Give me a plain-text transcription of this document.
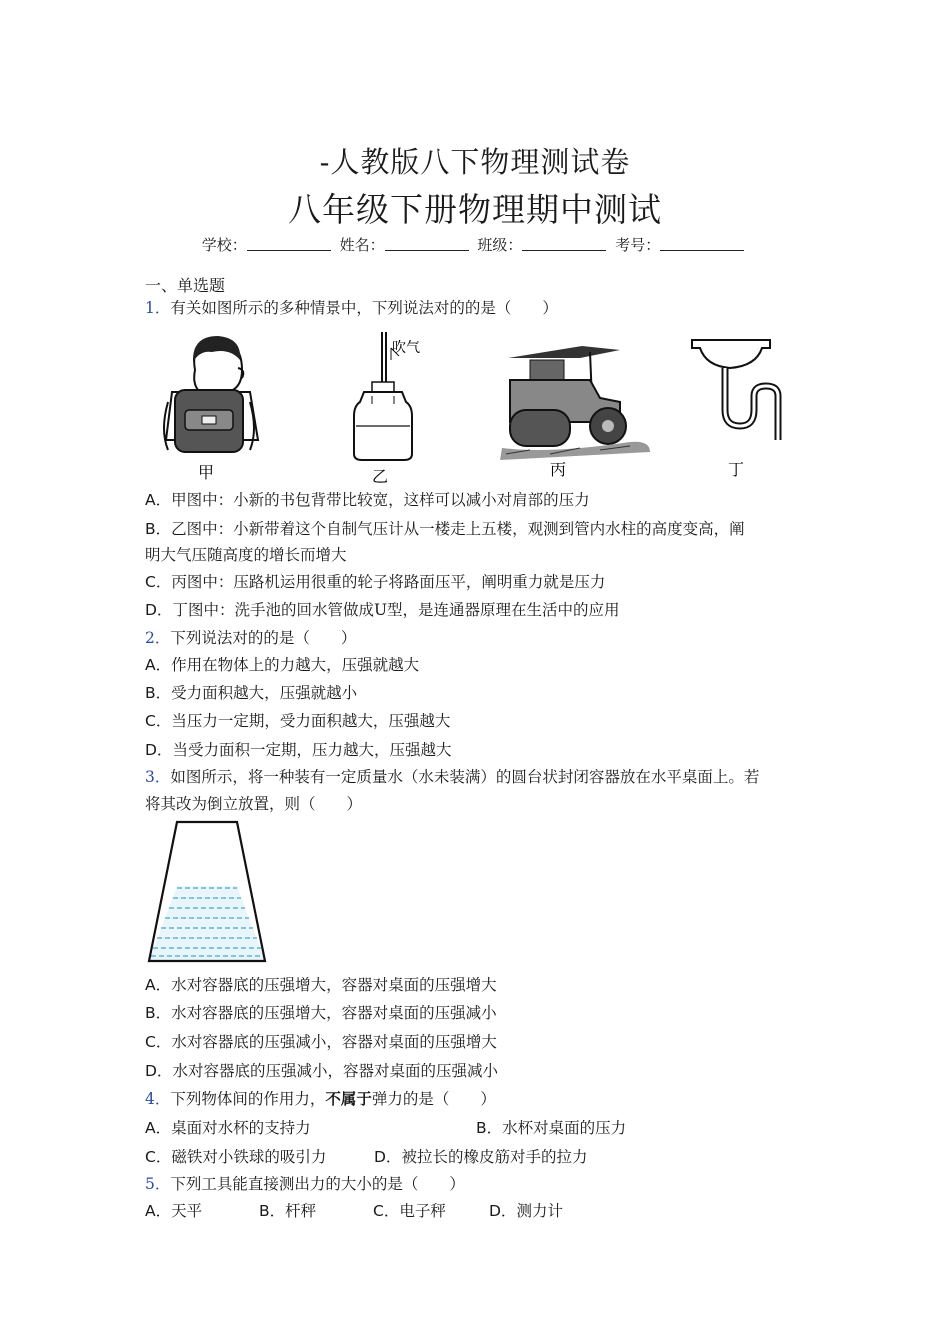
-人教版八下物理测试卷
八年级下册物理期中测试
学校：	姓名：	班级：	考号：
一、单选题
1．有关如图所示的多种情景中，下列说法对的的是（　　）
甲
吹气
乙	丙	丁
A．甲图中：小新的书包背带比较宽，这样可以减小对肩部的压力
B．乙图中：小新带着这个自制气压计从一楼走上五楼，观测到管内水柱的高度变高，阐
明大气压随高度的增长而增大
C．丙图中：压路机运用很重的轮子将路面压平，阐明重力就是压力
D．丁图中：洗手池的回水管做成U型，是连通器原理在生活中的应用
2．下列说法对的的是（　　）
A．作用在物体上的力越大，压强就越大
B．受力面积越大，压强就越小
C．当压力一定期，受力面积越大，压强越大
D．当受力面积一定期，压力越大，压强越大
3．如图所示，将一种装有一定质量水（水未装满）的圆台状封闭容器放在水平桌面上。若
将其改为倒立放置，则（　　）
A．水对容器底的压强增大，容器对桌面的压强增大
B．水对容器底的压强增大，容器对桌面的压强减小
C．水对容器底的压强减小，容器对桌面的压强增大
D．水对容器底的压强减小，容器对桌面的压强减小
4．下列物体间的作用力，不属于弹力的是（　　）
A．桌面对水杯的支持力	B．水杯对桌面的压力
C．磁铁对小铁球的吸引力	D．被拉长的橡皮筋对手的拉力
5．下列工具能直接测出力的大小的是（　　）
A．天平	B．杆秤	C．电子秤	D．测力计
